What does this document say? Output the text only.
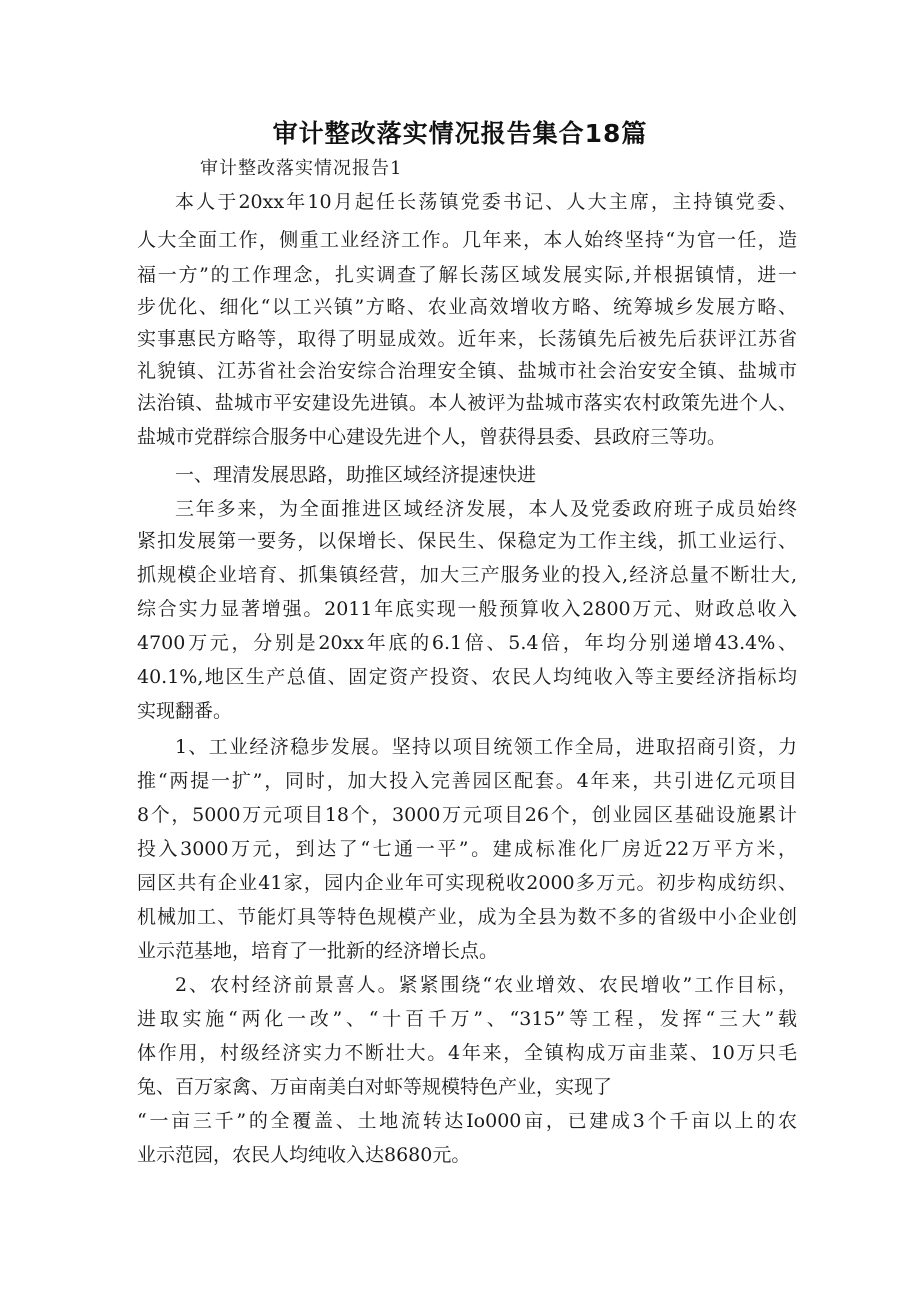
审计整改落实情况报告集合18篇
审计整改落实情况报告1
本人于20xx年10月起任长荡镇党委书记、人大主席，主持镇党委、
人大全面工作，侧重工业经济工作。几年来，本人始终坚持“为官一任，造
福一方”的工作理念，扎实调查了解长荡区域发展实际,并根据镇情，进一
步优化、细化“以工兴镇”方略、农业高效增收方略、统筹城乡发展方略、
实事惠民方略等，取得了明显成效。近年来，长荡镇先后被先后获评江苏省
礼貌镇、江苏省社会治安综合治理安全镇、盐城市社会治安安全镇、盐城市
法治镇、盐城市平安建设先进镇。本人被评为盐城市落实农村政策先进个人、
盐城市党群综合服务中心建设先进个人，曾获得县委、县政府三等功。
一、理清发展思路，助推区域经济提速快进
三年多来，为全面推进区域经济发展，本人及党委政府班子成员始终
紧扣发展第一要务，以保增长、保民生、保稳定为工作主线，抓工业运行、
抓规模企业培育、抓集镇经营，加大三产服务业的投入,经济总量不断壮大,
综合实力显著增强。2011年底实现一般预算收入2800万元、财政总收入
4700万元，分别是20xx年底的6.1倍、5.4倍，年均分别递增43.4%、
40.1%,地区生产总值、固定资产投资、农民人均纯收入等主要经济指标均
实现翻番。
1、工业经济稳步发展。坚持以项目统领工作全局，进取招商引资，力
推“两提一扩”，同时，加大投入完善园区配套。4年来，共引进亿元项目
8个，5000万元项目18个，3000万元项目26个，创业园区基础设施累计
投入3000万元，到达了“七通一平”。建成标准化厂房近22万平方米，
园区共有企业41家，园内企业年可实现税收2000多万元。初步构成纺织、
机械加工、节能灯具等特色规模产业，成为全县为数不多的省级中小企业创
业示范基地，培育了一批新的经济增长点。
2、农村经济前景喜人。紧紧围绕“农业增效、农民增收”工作目标，
进取实施“两化一改”、“十百千万”、“315”等工程，发挥“三大”载
体作用，村级经济实力不断壮大。4年来，全镇构成万亩韭菜、10万只毛
兔、百万家禽、万亩南美白对虾等规模特色产业，实现了
“一亩三千”的全覆盖、土地流转达Io000亩，已建成3个千亩以上的农
业示范园，农民人均纯收入达8680元。
